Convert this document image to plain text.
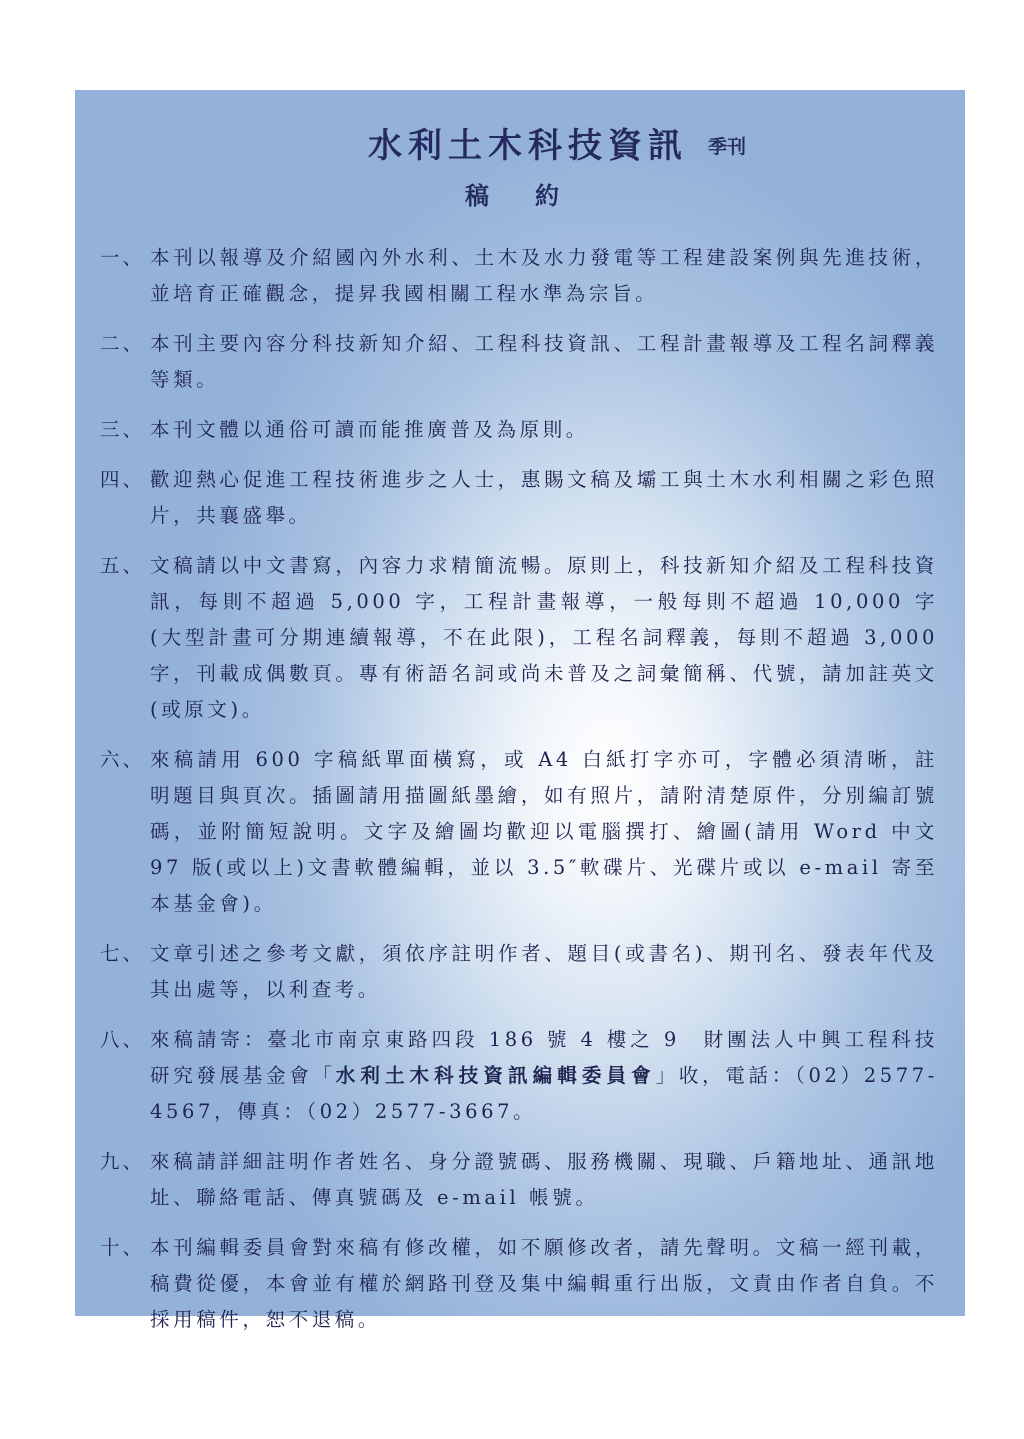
水利土木科技資訊 季刊
稿約
一、 本刊以報導及介紹國內外水利、土木及水力發電等工程建設案例與先進技術，並培育正確觀念，提昇我國相關工程水準為宗旨。
二、 本刊主要內容分科技新知介紹、工程科技資訊、工程計畫報導及工程名詞釋義等類。
三、 本刊文體以通俗可讀而能推廣普及為原則。
四、 歡迎熱心促進工程技術進步之人士，惠賜文稿及壩工與土木水利相關之彩色照片，共襄盛舉。
五、 文稿請以中文書寫，內容力求精簡流暢。原則上，科技新知介紹及工程科技資訊，每則不超過 5,000 字，工程計畫報導，一般每則不超過 10,000 字(大型計畫可分期連續報導，不在此限)，工程名詞釋義，每則不超過 3,000 字，刊載成偶數頁。專有術語名詞或尚未普及之詞彙簡稱、代號，請加註英文(或原文)。
六、 來稿請用 600 字稿紙單面橫寫，或 A4 白紙打字亦可，字體必須清晰，註明題目與頁次。插圖請用描圖紙墨繪，如有照片，請附清楚原件，分別編訂號碼，並附簡短說明。文字及繪圖均歡迎以電腦撰打、繪圖(請用 Word 中文 97 版(或以上)文書軟體編輯，並以 3.5″軟碟片、光碟片或以 e-mail 寄至本基金會)。
七、 文章引述之參考文獻，須依序註明作者、題目(或書名)、期刊名、發表年代及其出處等，以利查考。
八、 來稿請寄：臺北市南京東路四段 186 號 4 樓之 9　財團法人中興工程科技研究發展基金會「水利土木科技資訊編輯委員會」收，電話：（02）2577-4567，傳真：（02）2577-3667。
九、 來稿請詳細註明作者姓名、身分證號碼、服務機關、現職、戶籍地址、通訊地址、聯絡電話、傳真號碼及 e-mail 帳號。
十、 本刊編輯委員會對來稿有修改權，如不願修改者，請先聲明。文稿一經刊載，稿費從優，本會並有權於網路刊登及集中編輯重行出版，文責由作者自負。不採用稿件，恕不退稿。
